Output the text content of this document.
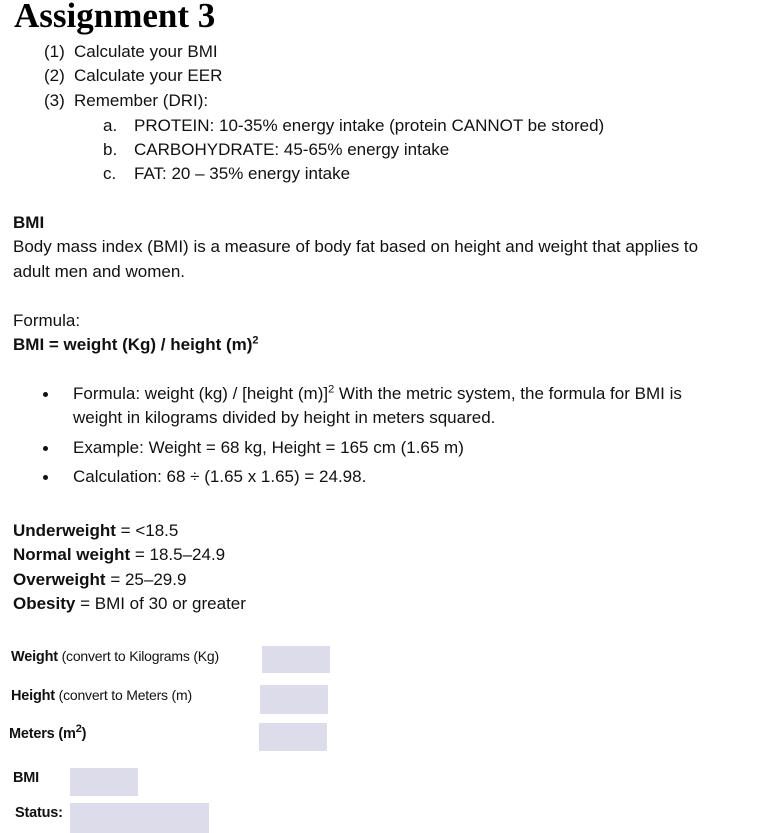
Assignment 3
(1) Calculate your BMI
(2) Calculate your EER
(3) Remember (DRI):
a. PROTEIN: 10-35% energy intake (protein CANNOT be stored)
b. CARBOHYDRATE: 45-65% energy intake
c. FAT: 20 – 35% energy intake
BMI
Body mass index (BMI) is a measure of body fat based on height and weight that applies to
adult men and women.
Formula:
BMI = weight (Kg) / height $(m)^2$
Formula: weight (kg) / [height (m)]$^2$ With the metric system, the formula for BMI is
weight in kilograms divided by height in meters squared.
Example: Weight = 68 kg, Height = 165 cm (1.65 m)
Calculation: 68 ÷ (1.65 x 1.65) = 24.98.
Underweight = <18.5
Normal weight = 18.5–24.9
Overweight = 25–29.9
Obesity = BMI of 30 or greater
Weight (convert to Kilograms (Kg)
Height (convert to Meters (m)
Meters $(m^2)$
BMI
Status:
